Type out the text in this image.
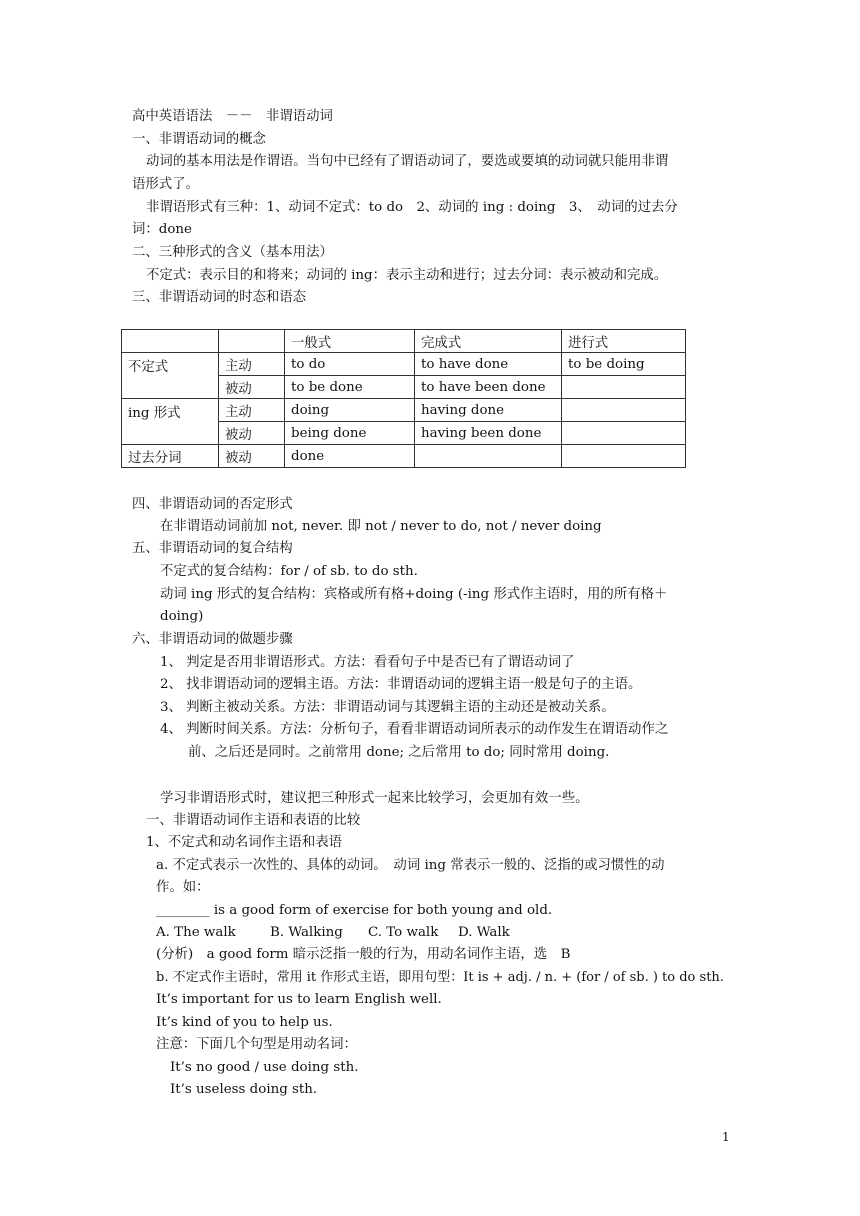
高中英语语法　－－　非谓语动词
一、非谓语动词的概念
动词的基本用法是作谓语。当句中已经有了谓语动词了，要选或要填的动词就只能用非谓
语形式了。
非谓语形式有三种：1、动词不定式：to do　2、动词的 ing : doing　3、　动词的过去分
词：done
二、三种形式的含义（基本用法）
不定式：表示目的和将来；动词的 ing：表示主动和进行；过去分词：表示被动和完成。
三、非谓语动词的时态和语态
		一般式	完成式	进行式
不定式	主动	to do	to have done	to be doing
	被动	to be done	to have been done	
ing 形式	主动	doing	having done	
	被动	being done	having been done	
过去分词	被动	done		
四、非谓语动词的否定形式
在非谓语动词前加 not, never. 即 not / never to do, not / never doing
五、非谓语动词的复合结构
不定式的复合结构：for / of sb. to do sth.
动词 ing 形式的复合结构：宾格或所有格+doing (-ing 形式作主语时，用的所有格＋
doing)
六、非谓语动词的做题步骤
1、 判定是否用非谓语形式。方法：看看句子中是否已有了谓语动词了
2、 找非谓语动词的逻辑主语。方法：非谓语动词的逻辑主语一般是句子的主语。
3、 判断主被动关系。方法：非谓语动词与其逻辑主语的主动还是被动关系。
4、 判断时间关系。方法：分析句子，看看非谓语动词所表示的动作发生在谓语动作之
前、之后还是同时。之前常用 done; 之后常用 to do; 同时常用 doing.
学习非谓语形式时，建议把三种形式一起来比较学习，会更加有效一些。
一、非谓语动词作主语和表语的比较
1、不定式和动名词作主语和表语
a. 不定式表示一次性的、具体的动词。　动词 ing 常表示一般的、泛指的或习惯性的动
作。如：
________ is a good form of exercise for both young and old.
A. The walk	B. Walking C. To walk D. Walk
(分析)　a good form 暗示泛指一般的行为，用动名词作主语，选　B
b. 不定式作主语时，常用 it 作形式主语，即用句型：It is + adj. / n. + (for / of sb. ) to do sth.
It’s important for us to learn English well.
It’s kind of you to help us.
注意：下面几个句型是用动名词：
It’s no good / use doing sth.
It’s useless doing sth.
1
